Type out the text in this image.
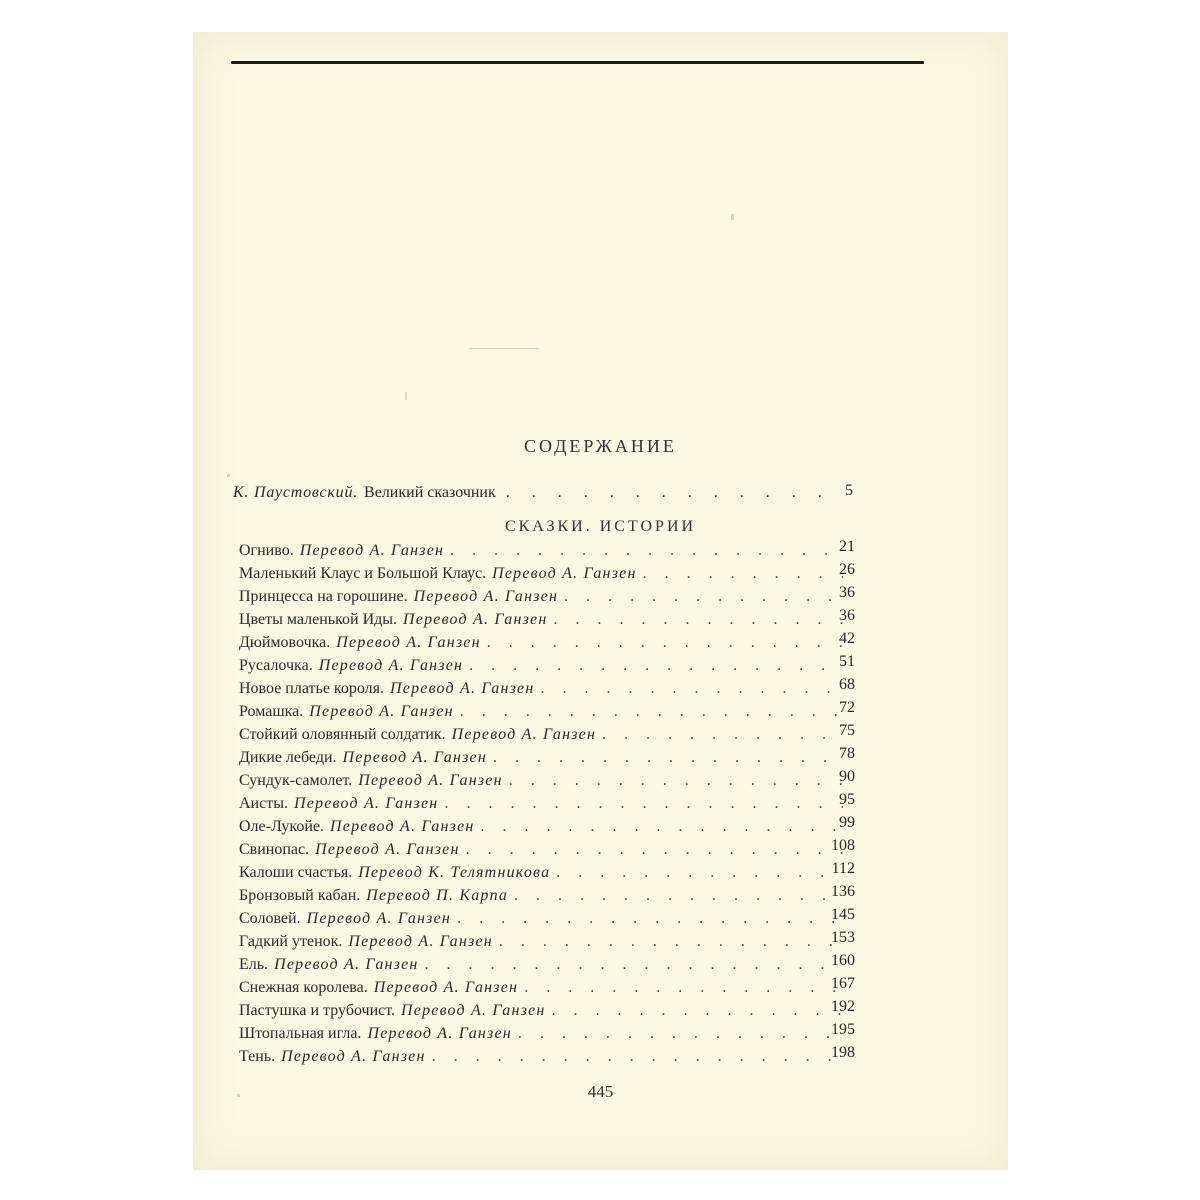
СОДЕРЖАНИЕ
К. Паустовский. Великий сказочник . . .	5
СКАЗКИ. ИСТОРИИ
Огниво. Перевод А. Ганзен . . .	21
Маленький Клаус и Большой Клаус. Перевод А. Ганзен . . .	26
Принцесса на горошине. Перевод А. Ганзен . . .	36
Цветы маленькой Иды. Перевод А. Ганзен . . .	36
Дюймовочка. Перевод А. Ганзен . . .	42
Русалочка. Перевод А. Ганзен . . .	51
Новое платье короля. Перевод А. Ганзен . . .	68
Ромашка. Перевод А. Ганзен . . .	72
Стойкий оловянный солдатик. Перевод А. Ганзен . . .	75
Дикие лебеди. Перевод А. Ганзен . . .	78
Сундук-самолет. Перевод А. Ганзен . . .	90
Аисты. Перевод А. Ганзен . . .	95
Оле-Лукойе. Перевод А. Ганзен . . .	99
Свинопас. Перевод А. Ганзен . . .	108
Калоши счастья. Перевод К. Телятникова . . .	112
Бронзовый кабан. Перевод П. Карпа . . .	136
Соловей. Перевод А. Ганзен . . .	145
Гадкий утенок. Перевод А. Ганзен . . .	153
Ель. Перевод А. Ганзен . . .	160
Снежная королева. Перевод А. Ганзен . . .	167
Пастушка и трубочист. Перевод А. Ганзен . . .	192
Штопальная игла. Перевод А. Ганзен . . .	195
Тень. Перевод А. Ганзен . . .	198
445
